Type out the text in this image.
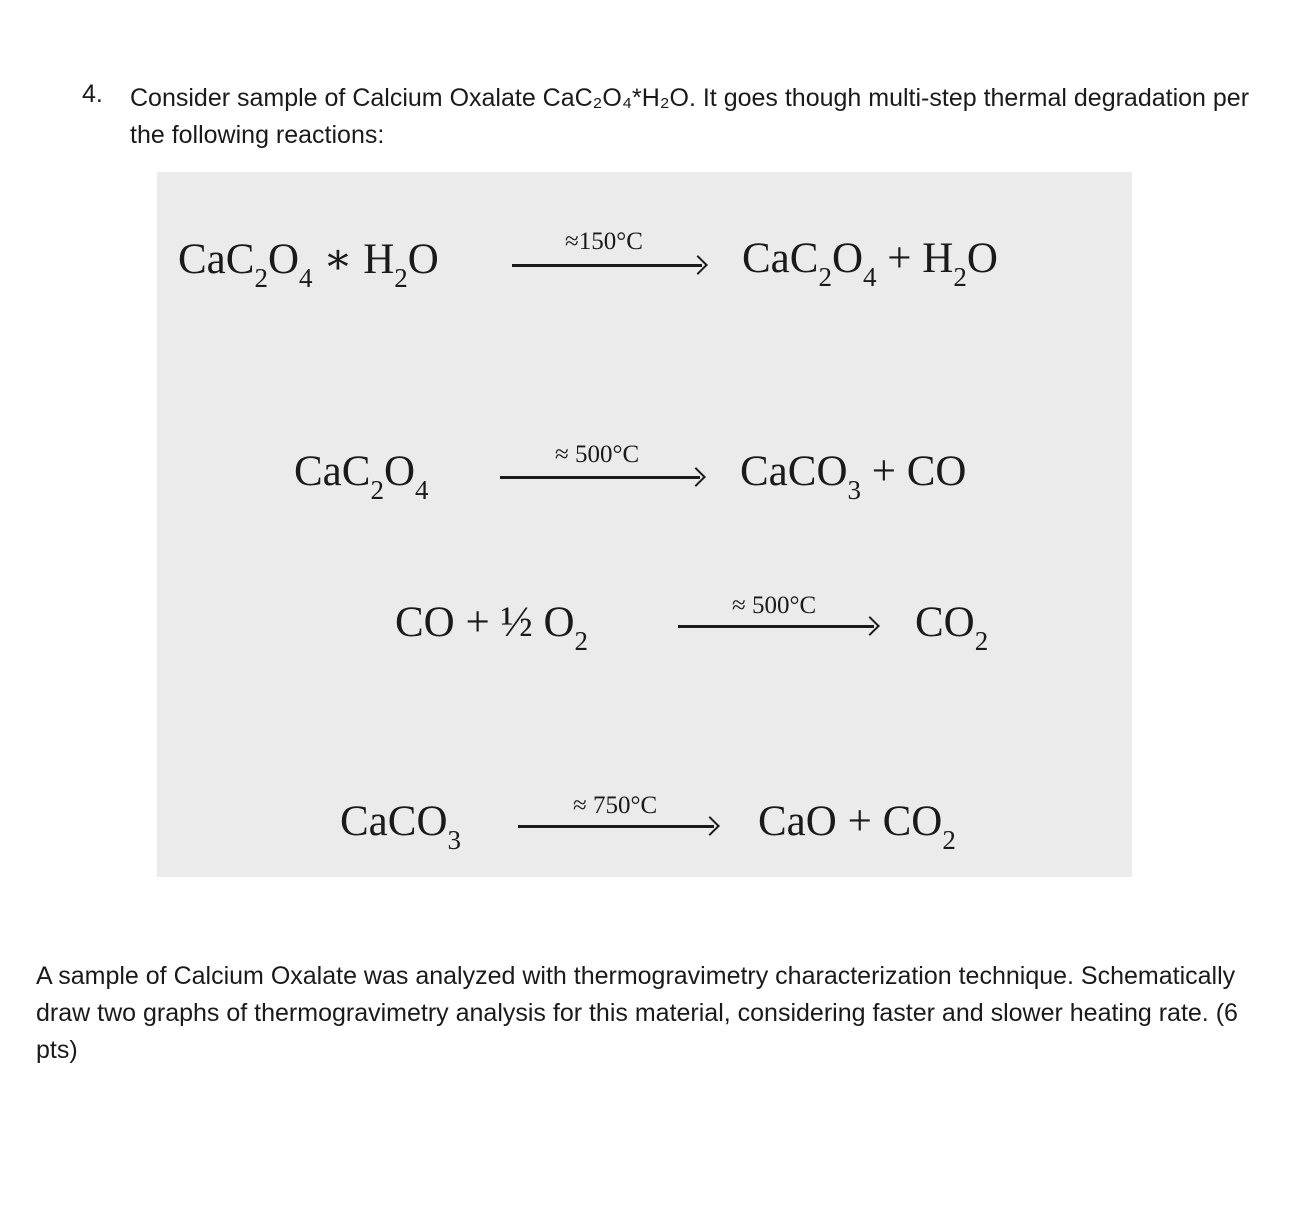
4. Consider sample of Calcium Oxalate CaC₂O₄*H₂O. It goes though multi-step thermal degradation per the following reactions:
$CaC_2O_4$ ∗ $H_2O$	≈150°C $CaC_2O_4 + H_2O$
$CaC_2O_4$
≈ 500°C CaCO$_3$ + CO
CO + ½ $O_2$
≈ 500°C $CO_2$
CaCO$_3$
≈ 750°C CaO + $CO_2$
A sample of Calcium Oxalate was analyzed with thermogravimetry characterization technique. Schematically draw two graphs of thermogravimetry analysis for this material, considering faster and slower heating rate. (6 pts)
